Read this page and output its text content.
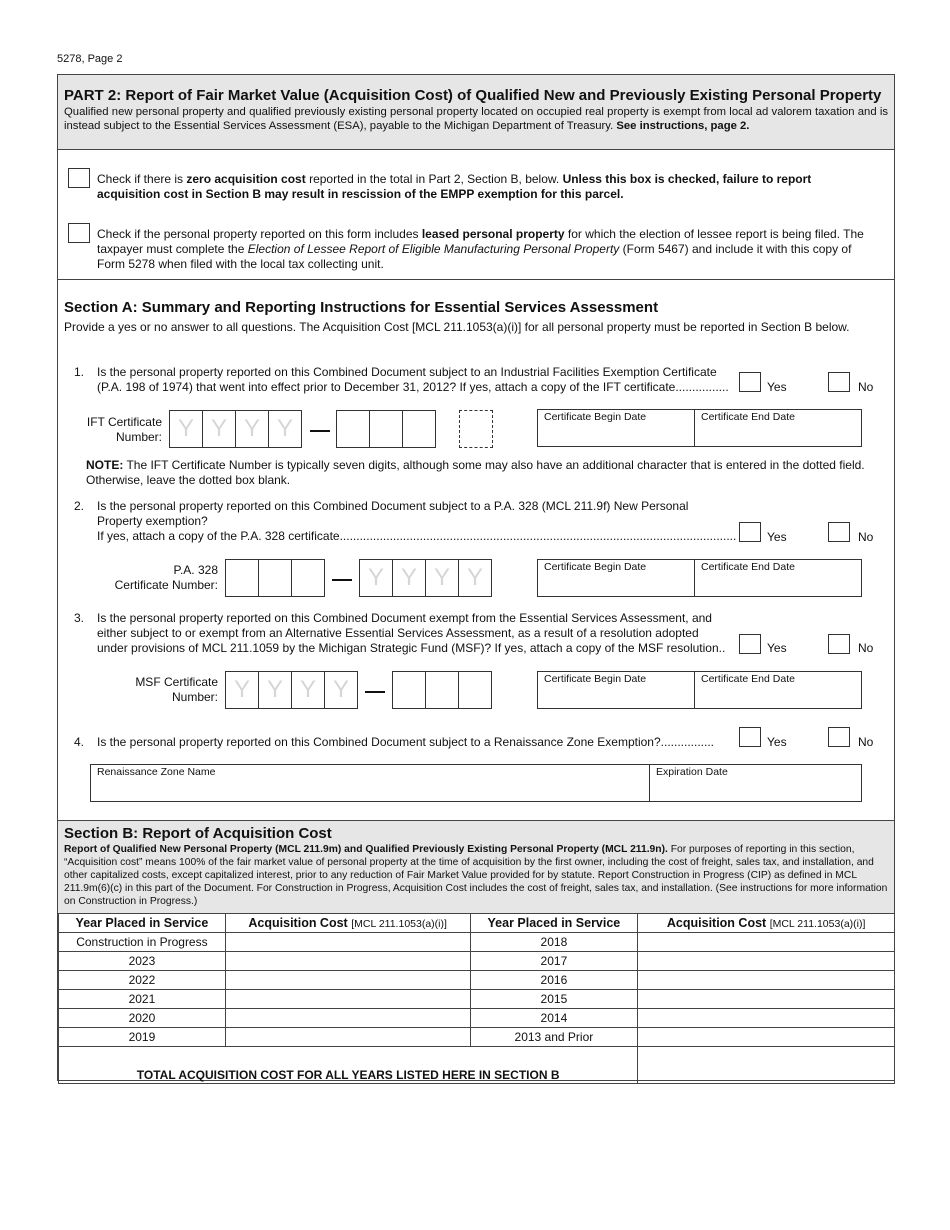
5278, Page 2
PART 2: Report of Fair Market Value (Acquisition Cost) of Qualified New and Previously Existing Personal Property

Qualified new personal property and qualified previously existing personal property located on occupied real property is exempt from local ad valorem taxation and is instead subject to the Essential Services Assessment (ESA), payable to the Michigan Department of Treasury. See instructions, page 2.

Check if there is zero acquisition cost reported in the total in Part 2, Section B, below. Unless this box is checked, failure to report acquisition cost in Section B may result in rescission of the EMPP exemption for this parcel.
Check if the personal property reported on this form includes leased personal property for which the election of lessee report is being filed. The taxpayer must complete the Election of Lessee Report of Eligible Manufacturing Personal Property (Form 5467) and include it with this copy of Form 5278 when filed with the local tax collecting unit.
Section A: Summary and Reporting Instructions for Essential Services Assessment
Provide a yes or no answer to all questions. The Acquisition Cost [MCL 211.1053(a)(i)] for all personal property must be reported in Section B below.
1. Is the personal property reported on this Combined Document subject to an Industrial Facilities Exemption Certificate
(P.A. 198 of 1974) that went into effect prior to December 31, 2012? If yes, attach a copy of the IFT certificate................	Yes	No
IFT Certificate
Number: Y Y Y Y	Certificate Begin Date	Certificate End Date
NOTE: The IFT Certificate Number is typically seven digits, although some may also have an additional character that is entered in the dotted field. Otherwise, leave the dotted box blank.
2. Is the personal property reported on this Combined Document subject to a P.A. 328 (MCL 211.9f) New Personal
Property exemption?
If yes, attach a copy of the P.A. 328 certificate.......................................................................................................................	Yes	No
P.A. 328
Certificate Number:	Y Y Y Y	Certificate Begin Date	Certificate End Date
3. Is the personal property reported on this Combined Document exempt from the Essential Services Assessment, and
either subject to or exempt from an Alternative Essential Services Assessment, as a result of a resolution adopted
under provisions of MCL 211.1059 by the Michigan Strategic Fund (MSF)? If yes, attach a copy of the MSF resolution..	Yes	No
MSF Certificate
Number: Y Y Y Y	Certificate Begin Date	Certificate End Date
4. Is the personal property reported on this Combined Document subject to a Renaissance Zone Exemption?................	Yes	No
Renaissance Zone Name	Expiration Date
Section B: Report of Acquisition Cost

Report of Qualified New Personal Property (MCL 211.9m) and Qualified Previously Existing Personal Property (MCL 211.9n). For purposes of reporting in this section, “Acquisition cost” means 100% of the fair market value of personal property at the time of acquisition by the first owner, including the cost of freight, sales tax, and installation, and other capitalized costs, except capitalized interest, prior to any reduction of Fair Market Value provided for by statute. Report Construction in Progress (CIP) as defined in MCL 211.9m(6)(c) in this part of the Document. For Construction in Progress, Acquisition Cost includes the cost of freight, sales tax, and installation. (See instructions for more information on Construction in Progress.)

Year Placed in Service	Acquisition Cost [MCL 211.1053(a)(i)]	Year Placed in Service	Acquisition Cost [MCL 211.1053(a)(i)]
Construction in Progress		2018	
2023		2017	
2022		2016	
2021		2015	
2020		2014	
2019		2013 and Prior	
TOTAL ACQUISITION COST FOR ALL YEARS LISTED HERE IN SECTION B			
